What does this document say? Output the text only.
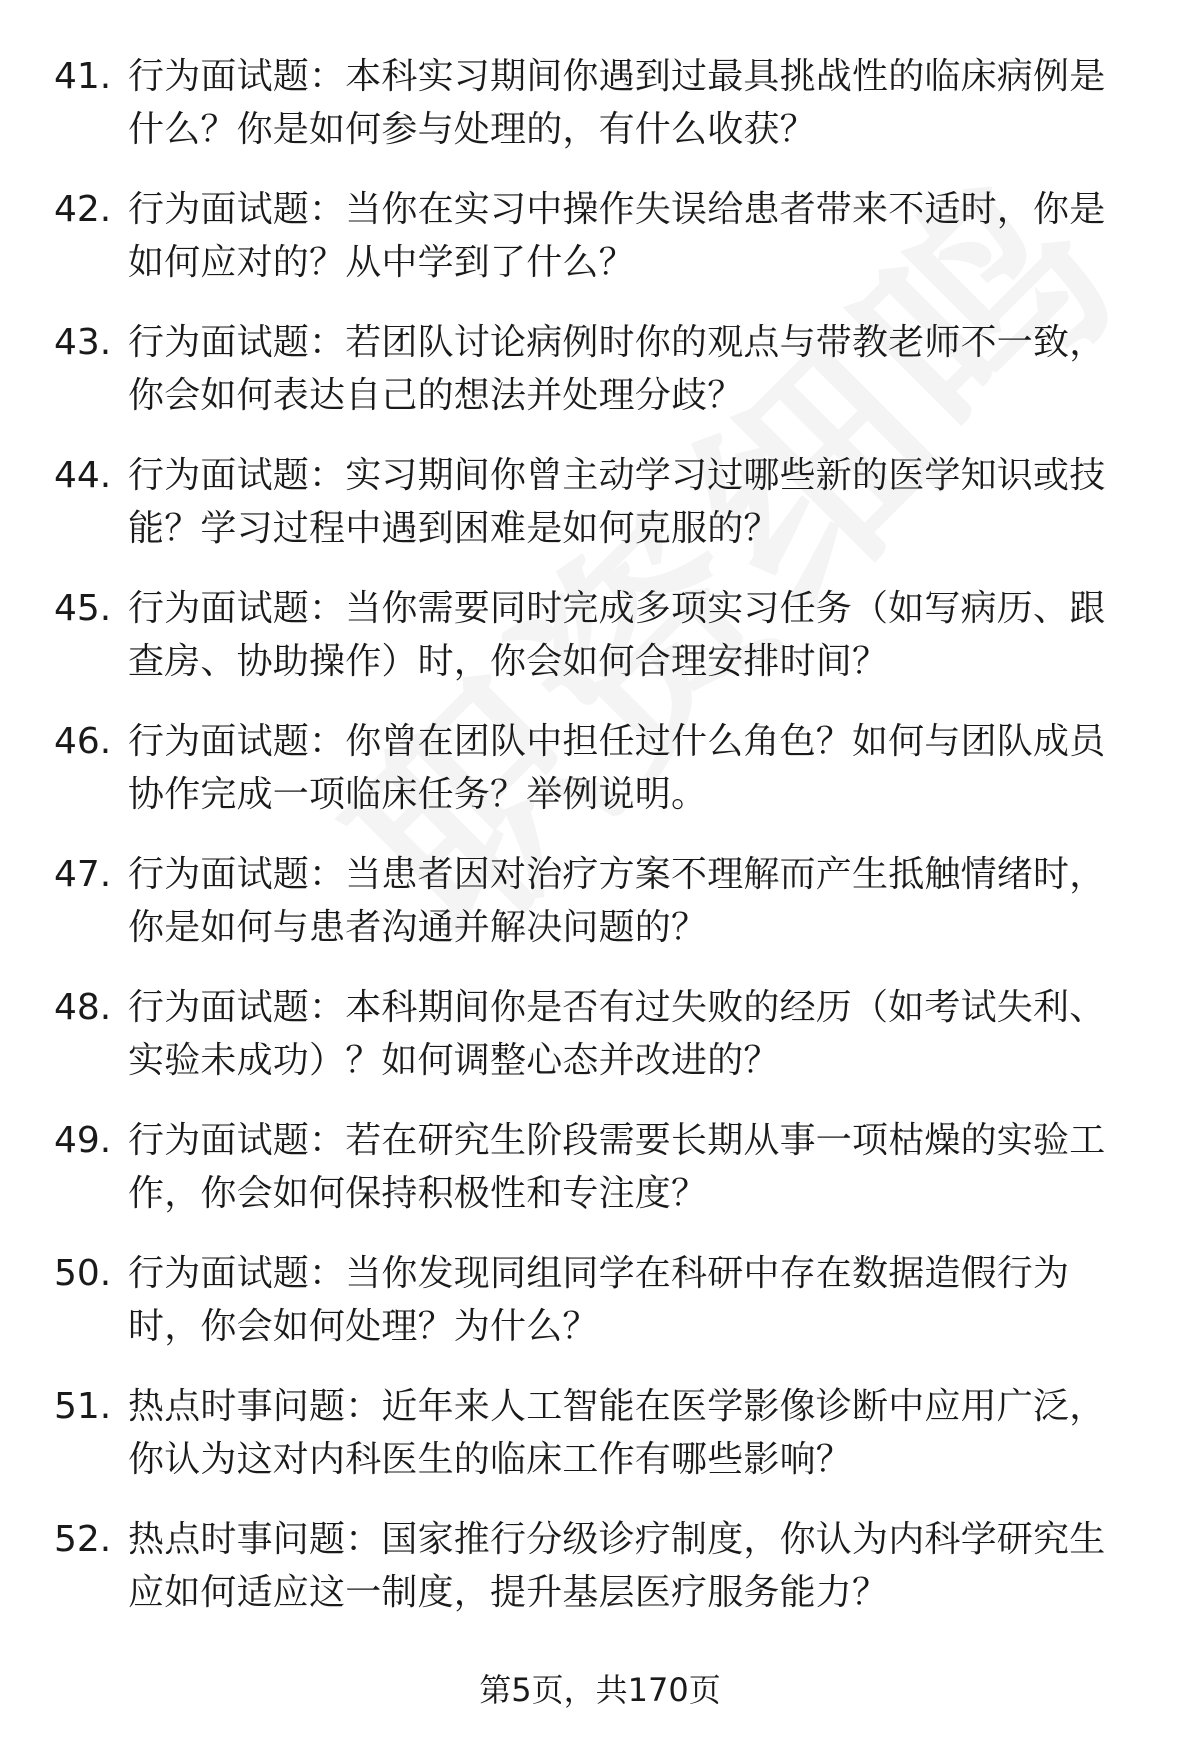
41. 行为面试题：本科实习期间你遇到过最具挑战性的临床病例是什么？你是如何参与处理的，有什么收获？
42. 行为面试题：当你在实习中操作失误给患者带来不适时，你是如何应对的？从中学到了什么？
43. 行为面试题：若团队讨论病例时你的观点与带教老师不一致，你会如何表达自己的想法并处理分歧？
44. 行为面试题：实习期间你曾主动学习过哪些新的医学知识或技能？学习过程中遇到困难是如何克服的？
45. 行为面试题：当你需要同时完成多项实习任务（如写病历、跟查房、协助操作）时，你会如何合理安排时间？
46. 行为面试题：你曾在团队中担任过什么角色？如何与团队成员协作完成一项临床任务？举例说明。
47. 行为面试题：当患者因对治疗方案不理解而产生抵触情绪时，你是如何与患者沟通并解决问题的？
48. 行为面试题：本科期间你是否有过失败的经历（如考试失利、实验未成功）？如何调整心态并改进的？
49. 行为面试题：若在研究生阶段需要长期从事一项枯燥的实验工作，你会如何保持积极性和专注度？
50. 行为面试题：当你发现同组同学在科研中存在数据造假行为时，你会如何处理？为什么？
51. 热点时事问题：近年来人工智能在医学影像诊断中应用广泛，你认为这对内科医生的临床工作有哪些影响？
52. 热点时事问题：国家推行分级诊疗制度，你认为内科学研究生应如何适应这一制度，提升基层医疗服务能力？
第5页，共170页
